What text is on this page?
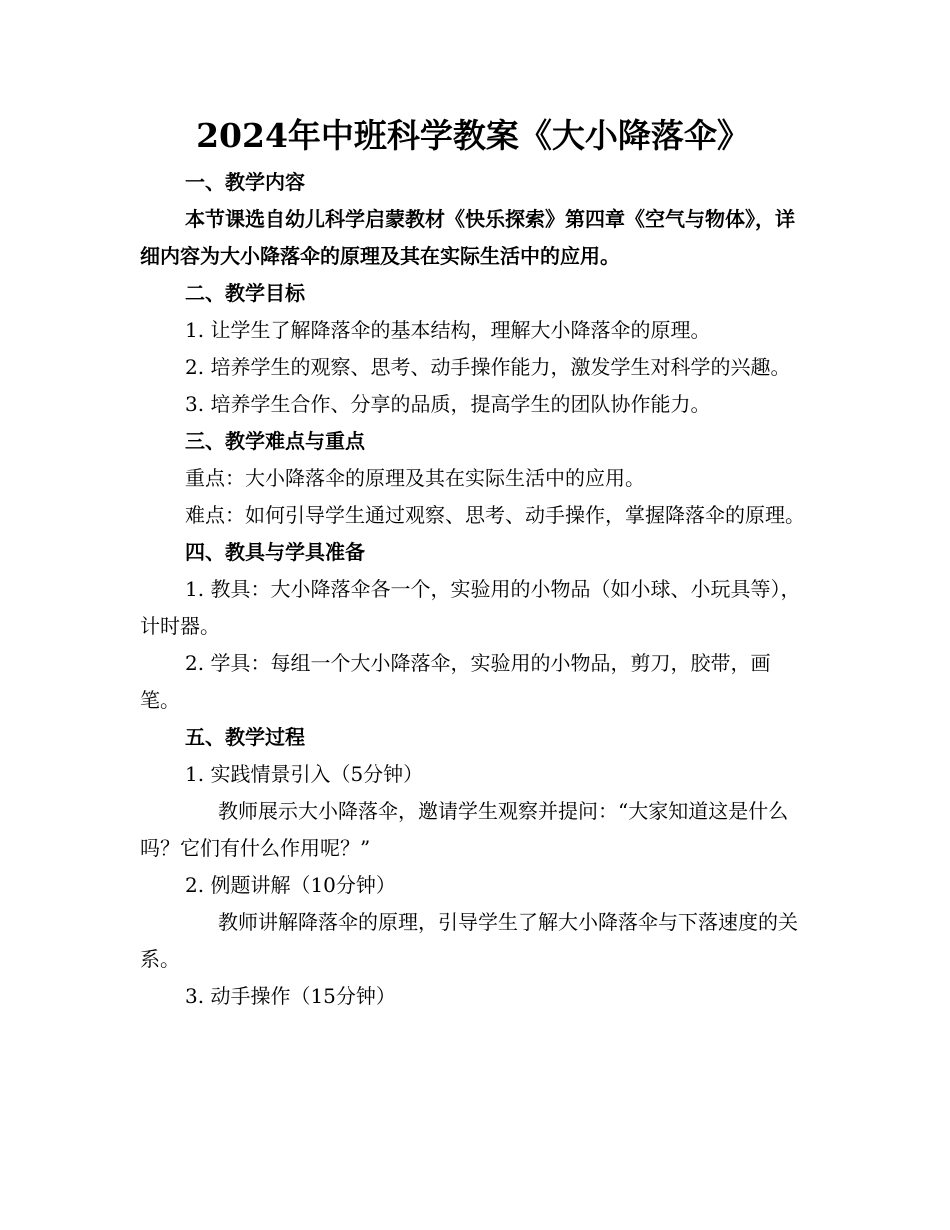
2024年中班科学教案《大小降落伞》

一、教学内容

本节课选自幼儿科学启蒙教材《快乐探索》第四章《空气与物体》，详细内容为大小降落伞的原理及其在实际生活中的应用。

二、教学目标

1. 让学生了解降落伞的基本结构，理解大小降落伞的原理。

2. 培养学生的观察、思考、动手操作能力，激发学生对科学的兴趣。

3. 培养学生合作、分享的品质，提高学生的团队协作能力。

三、教学难点与重点

重点：大小降落伞的原理及其在实际生活中的应用。

难点：如何引导学生通过观察、思考、动手操作，掌握降落伞的原理。

四、教具与学具准备

1. 教具：大小降落伞各一个，实验用的小物品（如小球、小玩具等），计时器。

2. 学具：每组一个大小降落伞，实验用的小物品，剪刀，胶带，画笔。

五、教学过程

1. 实践情景引入（5分钟）

教师展示大小降落伞，邀请学生观察并提问：“大家知道这是什么吗？它们有什么作用呢？”

2. 例题讲解（10分钟）

教师讲解降落伞的原理，引导学生了解大小降落伞与下落速度的关系。

3. 动手操作（15分钟）
